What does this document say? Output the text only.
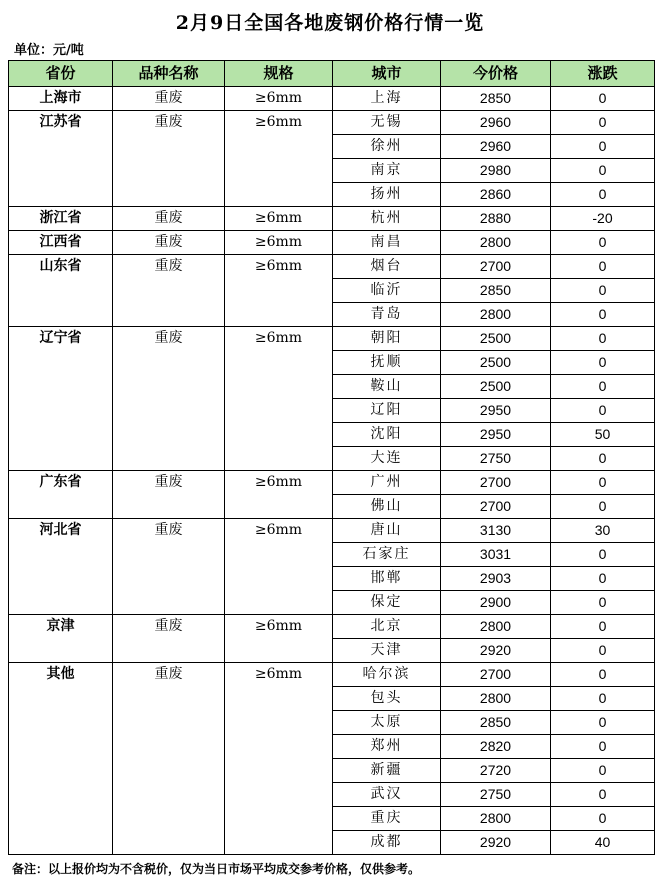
2月9日全国各地废钢价格行情一览
单位：元/吨
省份	品种名称	规格	城市	今价格	涨跌
上海市	重废	≥6mm	上海	2850	0
江苏省	重废	≥6mm	无锡	2960	0
			徐州	2960	0
			南京	2980	0
			扬州	2860	0
浙江省	重废	≥6mm	杭州	2880	-20
江西省	重废	≥6mm	南昌	2800	0
山东省	重废	≥6mm	烟台	2700	0
			临沂	2850	0
			青岛	2800	0
辽宁省	重废	≥6mm	朝阳	2500	0
			抚顺	2500	0
			鞍山	2500	0
			辽阳	2950	0
			沈阳	2950	50
			大连	2750	0
广东省	重废	≥6mm	广州	2700	0
			佛山	2700	0
河北省	重废	≥6mm	唐山	3130	30
			石家庄	3031	0
			邯郸	2903	0
			保定	2900	0
京津	重废	≥6mm	北京	2800	0
			天津	2920	0
其他	重废	≥6mm	哈尔滨	2700	0
			包头	2800	0
			太原	2850	0
			郑州	2820	0
			新疆	2720	0
			武汉	2750	0
			重庆	2800	0
			成都	2920	40
备注：以上报价均为不含税价，仅为当日市场平均成交参考价格，仅供参考。
